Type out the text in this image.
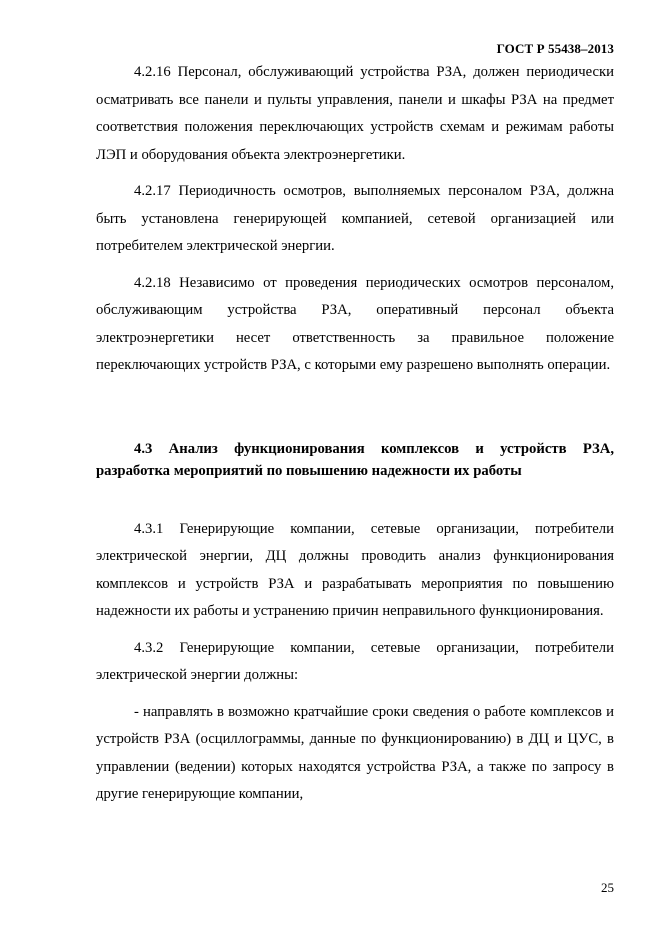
ГОСТ Р 55438–2013

4.2.16 Персонал, обслуживающий устройства РЗА, должен периодически осматривать все панели и пульты управления, панели и шкафы РЗА на предмет соответствия положения переключающих устройств схемам и режимам работы ЛЭП и оборудования объекта электроэнергетики.

4.2.17 Периодичность осмотров, выполняемых персоналом РЗА, должна быть установлена генерирующей компанией, сетевой организацией или потребителем электрической энергии.

4.2.18 Независимо от проведения периодических осмотров персоналом, обслуживающим устройства РЗА, оперативный персонал объекта электроэнергетики несет ответственность за правильное положение переключающих устройств РЗА, с которыми ему разрешено выполнять операции.

4.3 Анализ функционирования комплексов и устройств РЗА, разработка мероприятий по повышению надежности их работы

4.3.1 Генерирующие компании, сетевые организации, потребители электрической энергии, ДЦ должны проводить анализ функционирования комплексов и устройств РЗА и разрабатывать мероприятия по повышению надежности их работы и устранению причин неправильного функционирования.

4.3.2 Генерирующие компании, сетевые организации, потребители электрической энергии должны:

- направлять в возможно кратчайшие сроки сведения о работе комплексов и устройств РЗА (осциллограммы, данные по функционированию) в ДЦ и ЦУС, в управлении (ведении) которых находятся устройства РЗА, а также по запросу в другие генерирующие компании,

25
